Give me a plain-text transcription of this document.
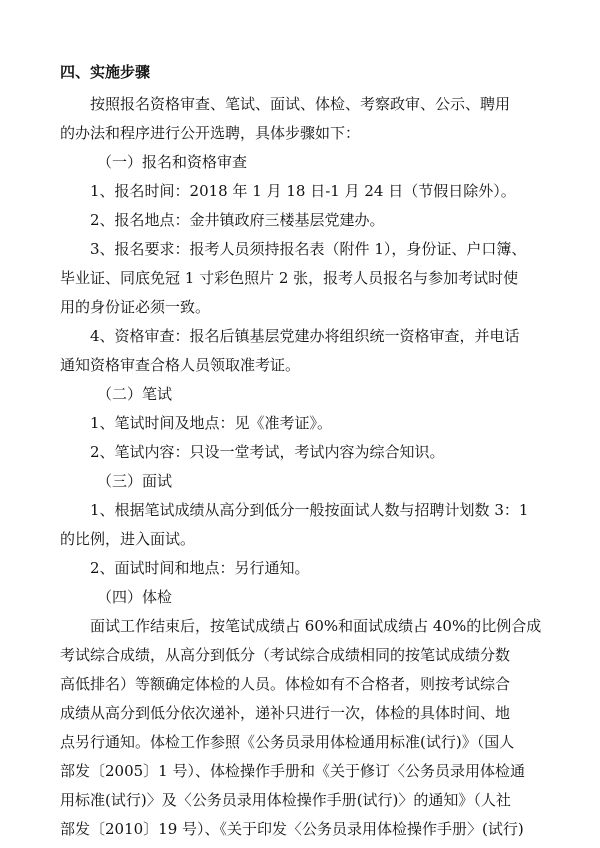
四、实施步骤
按照报名资格审查、笔试、面试、体检、考察政审、公示、聘用
的办法和程序进行公开选聘，具体步骤如下：
（一）报名和资格审查
1、报名时间：2018 年 1 月 18 日-1 月 24 日（节假日除外）。
2、报名地点：金井镇政府三楼基层党建办。
3、报名要求：报考人员须持报名表（附件 1），身份证、户口簿、
毕业证、同底免冠 1 寸彩色照片 2 张，报考人员报名与参加考试时使
用的身份证必须一致。
4、资格审查：报名后镇基层党建办将组织统一资格审查，并电话
通知资格审查合格人员领取准考证。
（二）笔试
1、笔试时间及地点：见《准考证》。
2、笔试内容：只设一堂考试，考试内容为综合知识。
（三）面试
1、根据笔试成绩从高分到低分一般按面试人数与招聘计划数 3：1
的比例，进入面试。
2、面试时间和地点：另行通知。
（四）体检
面试工作结束后，按笔试成绩占 60%和面试成绩占 40%的比例合成
考试综合成绩，从高分到低分（考试综合成绩相同的按笔试成绩分数
高低排名）等额确定体检的人员。体检如有不合格者，则按考试综合
成绩从高分到低分依次递补，递补只进行一次，体检的具体时间、地
点另行通知。体检工作参照《公务员录用体检通用标准(试行)》（国人
部发〔2005〕1 号）、体检操作手册和《关于修订〈公务员录用体检通
用标准(试行)〉及〈公务员录用体检操作手册(试行)〉的通知》（人社
部发〔2010〕19 号）、《关于印发〈公务员录用体检操作手册〉(试行)
